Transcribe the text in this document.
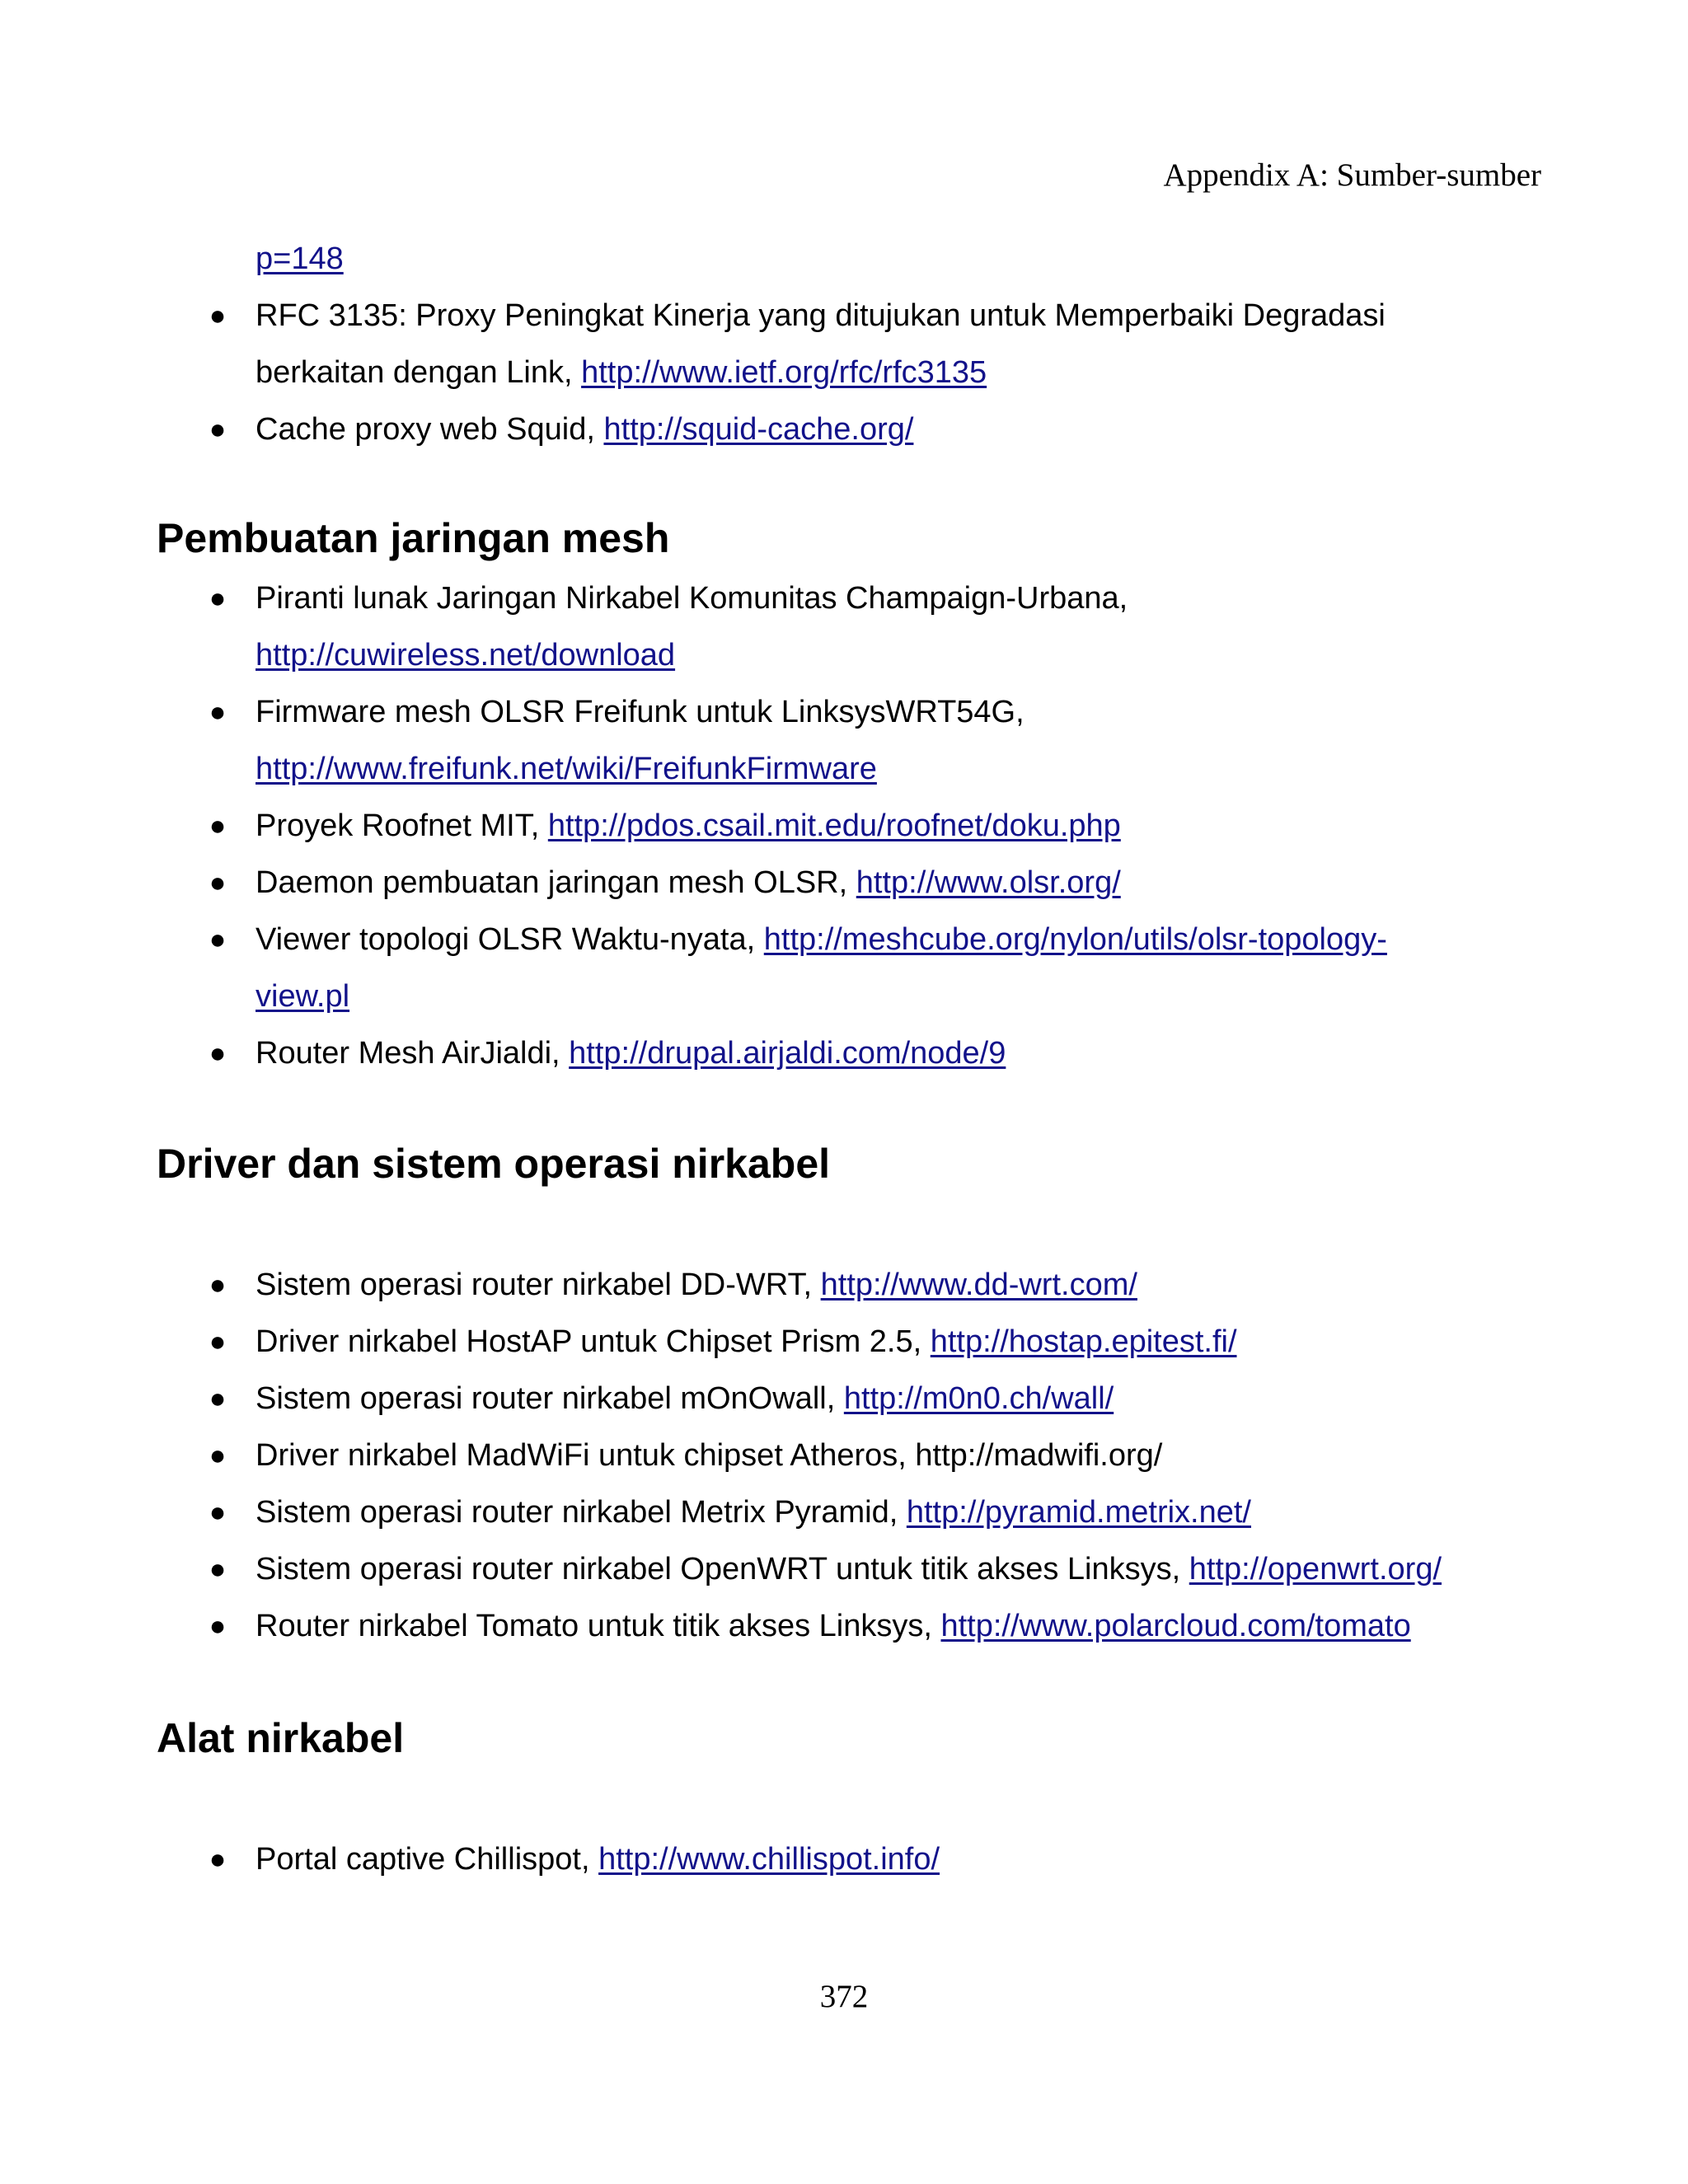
Appendix A: Sumber-sumber
p=148
● RFC 3135: Proxy Peningkat Kinerja yang ditujukan untuk Memperbaiki Degradasi
berkaitan dengan Link, http://www.ietf.org/rfc/rfc3135
● Cache proxy web Squid, http://squid-cache.org/
Pembuatan jaringan mesh
● Piranti lunak Jaringan Nirkabel Komunitas Champaign-Urbana,
http://cuwireless.net/download
● Firmware mesh OLSR Freifunk untuk LinksysWRT54G,
http://www.freifunk.net/wiki/FreifunkFirmware
● Proyek Roofnet MIT, http://pdos.csail.mit.edu/roofnet/doku.php
● Daemon pembuatan jaringan mesh OLSR, http://www.olsr.org/
● Viewer topologi OLSR Waktu-nyata, http://meshcube.org/nylon/utils/olsr-topology-
view.pl
● Router Mesh AirJialdi, http://drupal.airjaldi.com/node/9
Driver dan sistem operasi nirkabel
● Sistem operasi router nirkabel DD-WRT, http://www.dd-wrt.com/
● Driver nirkabel HostAP untuk Chipset Prism 2.5, http://hostap.epitest.fi/
● Sistem operasi router nirkabel mOnOwall, http://m0n0.ch/wall/
● Driver nirkabel MadWiFi untuk chipset Atheros, http://madwifi.org/
● Sistem operasi router nirkabel Metrix Pyramid, http://pyramid.metrix.net/
● Sistem operasi router nirkabel OpenWRT untuk titik akses Linksys, http://openwrt.org/
● Router nirkabel Tomato untuk titik akses Linksys, http://www.polarcloud.com/tomato
Alat nirkabel
● Portal captive Chillispot, http://www.chillispot.info/
372
